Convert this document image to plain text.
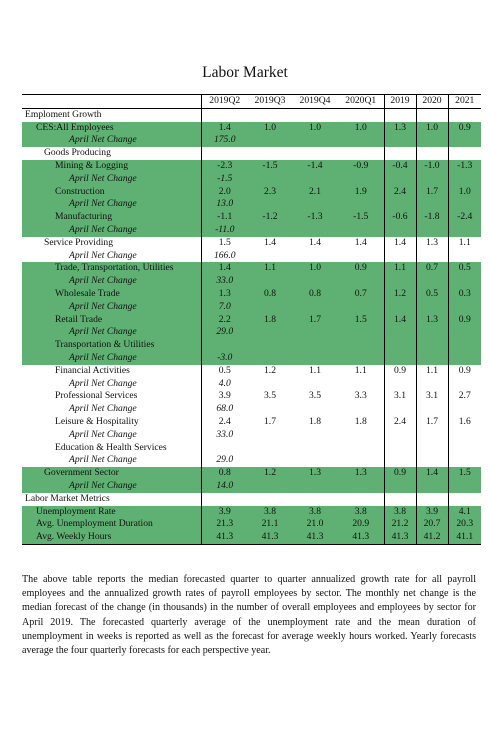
Labor Market
	2019Q2	2019Q3	2019Q4	2020Q1	2019	2020	2021
Emploment Growth							
CES:All Employees	1.4	1.0	1.0	1.0	1.3	1.0	0.9
April Net Change	175.0						
Goods Producing							
Mining & Logging	-2.3	-1.5	-1.4	-0.9	-0.4	-1.0	-1.3
April Net Change	-1.5						
Construction	2.0	2.3	2.1	1.9	2.4	1.7	1.0
April Net Change	13.0						
Manufacturing	-1.1	-1.2	-1.3	-1.5	-0.6	-1.8	-2.4
April Net Change	-11.0						
Service Providing	1.5	1.4	1.4	1.4	1.4	1.3	1.1
April Net Change	166.0						
Trade, Transportation, Utilities	1.4	1.1	1.0	0.9	1.1	0.7	0.5
April Net Change	33.0						
Wholesale Trade	1.3	0.8	0.8	0.7	1.2	0.5	0.3
April Net Change	7.0						
Retail Trade	2.2	1.8	1.7	1.5	1.4	1.3	0.9
April Net Change	29.0						
Transportation & Utilities							
April Net Change	-3.0						
Financial Activities	0.5	1.2	1.1	1.1	0.9	1.1	0.9
April Net Change	4.0						
Professional Services	3.9	3.5	3.5	3.3	3.1	3.1	2.7
April Net Change	68.0						
Leisure & Hospitality	2.4	1.7	1.8	1.8	2.4	1.7	1.6
April Net Change	33.0						
Education & Health Services							
April Net Change	29.0						
Government Sector	0.8	1.2	1.3	1.3	0.9	1.4	1.5
April Net Change	14.0						
Labor Market Metrics							
Unemployment Rate	3.9	3.8	3.8	3.8	3.8	3.9	4.1
Avg. Unemployment Duration	21.3	21.1	21.0	20.9	21.2	20.7	20.3
Avg. Weekly Hours	41.3	41.3	41.3	41.3	41.3	41.2	41.1
The above table reports the median forecasted quarter to quarter annualized growth rate for all payroll employees and the annualized growth rates of payroll employees by sector. The monthly net change is the median forecast of the change (in thousands) in the number of overall employees and employees by sector for April 2019. The forecasted quarterly average of the unemployment rate and the mean duration of unemployment in weeks is reported as well as the forecast for average weekly hours worked. Yearly forecasts average the four quarterly forecasts for each perspective year.
